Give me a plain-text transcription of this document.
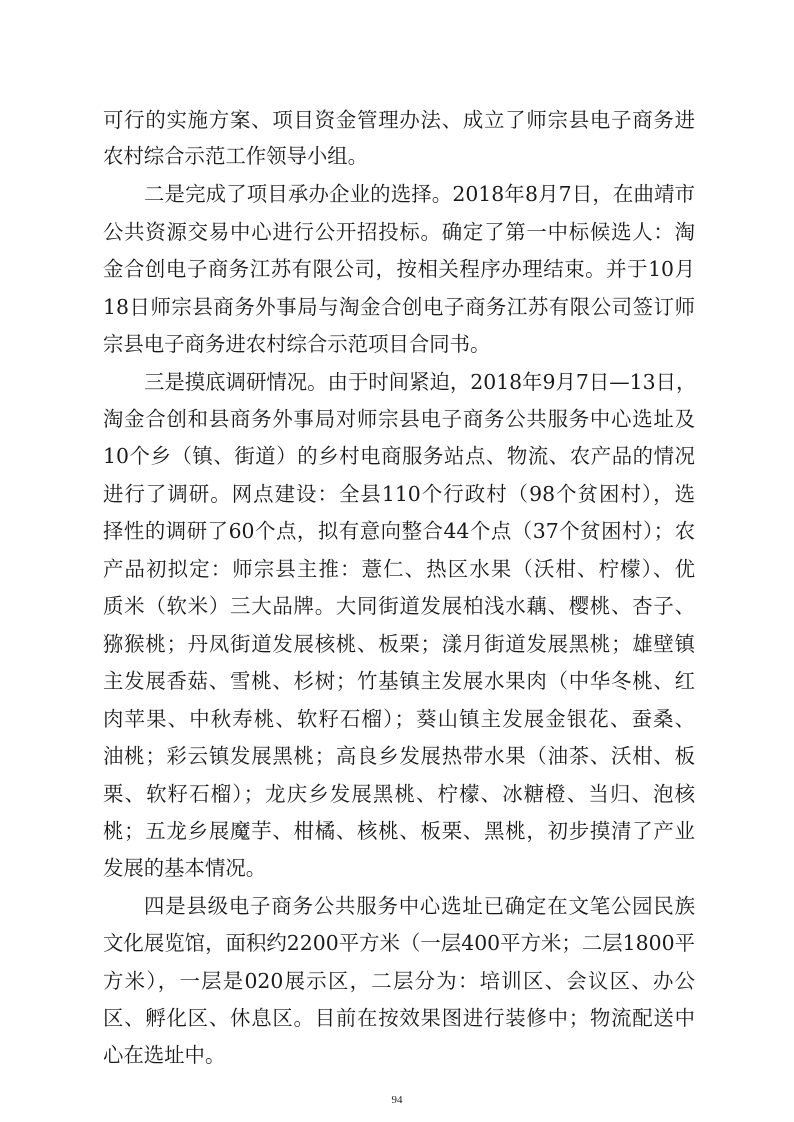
可行的实施方案、项目资金管理办法、成立了师宗县电子商务进
农村综合示范工作领导小组。
二是完成了项目承办企业的选择。2018年8月7日，在曲靖市
公共资源交易中心进行公开招投标。确定了第一中标候选人：淘
金合创电子商务江苏有限公司，按相关程序办理结束。并于10月
18日师宗县商务外事局与淘金合创电子商务江苏有限公司签订师
宗县电子商务进农村综合示范项目合同书。
三是摸底调研情况。由于时间紧迫，2018年9月7日—13日，
淘金合创和县商务外事局对师宗县电子商务公共服务中心选址及
10个乡（镇、街道）的乡村电商服务站点、物流、农产品的情况
进行了调研。网点建设：全县110个行政村（98个贫困村），选
择性的调研了60个点，拟有意向整合44个点（37个贫困村）；农
产品初拟定：师宗县主推：薏仁、热区水果（沃柑、柠檬）、优
质米（软米）三大品牌。大同街道发展柏浅水藕、樱桃、杏子、
猕猴桃；丹凤街道发展核桃、板栗；漾月街道发展黑桃；雄壁镇
主发展香菇、雪桃、杉树；竹基镇主发展水果肉（中华冬桃、红
肉苹果、中秋寿桃、软籽石榴）；葵山镇主发展金银花、蚕桑、
油桃；彩云镇发展黑桃；高良乡发展热带水果（油茶、沃柑、板
栗、软籽石榴）；龙庆乡发展黑桃、柠檬、冰糖橙、当归、泡核
桃；五龙乡展魔芋、柑橘、核桃、板栗、黑桃，初步摸清了产业
发展的基本情况。
四是县级电子商务公共服务中心选址已确定在文笔公园民族
文化展览馆，面积约2200平方米（一层400平方米；二层1800平
方米），一层是020展示区，二层分为：培训区、会议区、办公
区、孵化区、休息区。目前在按效果图进行装修中；物流配送中
心在选址中。
94
